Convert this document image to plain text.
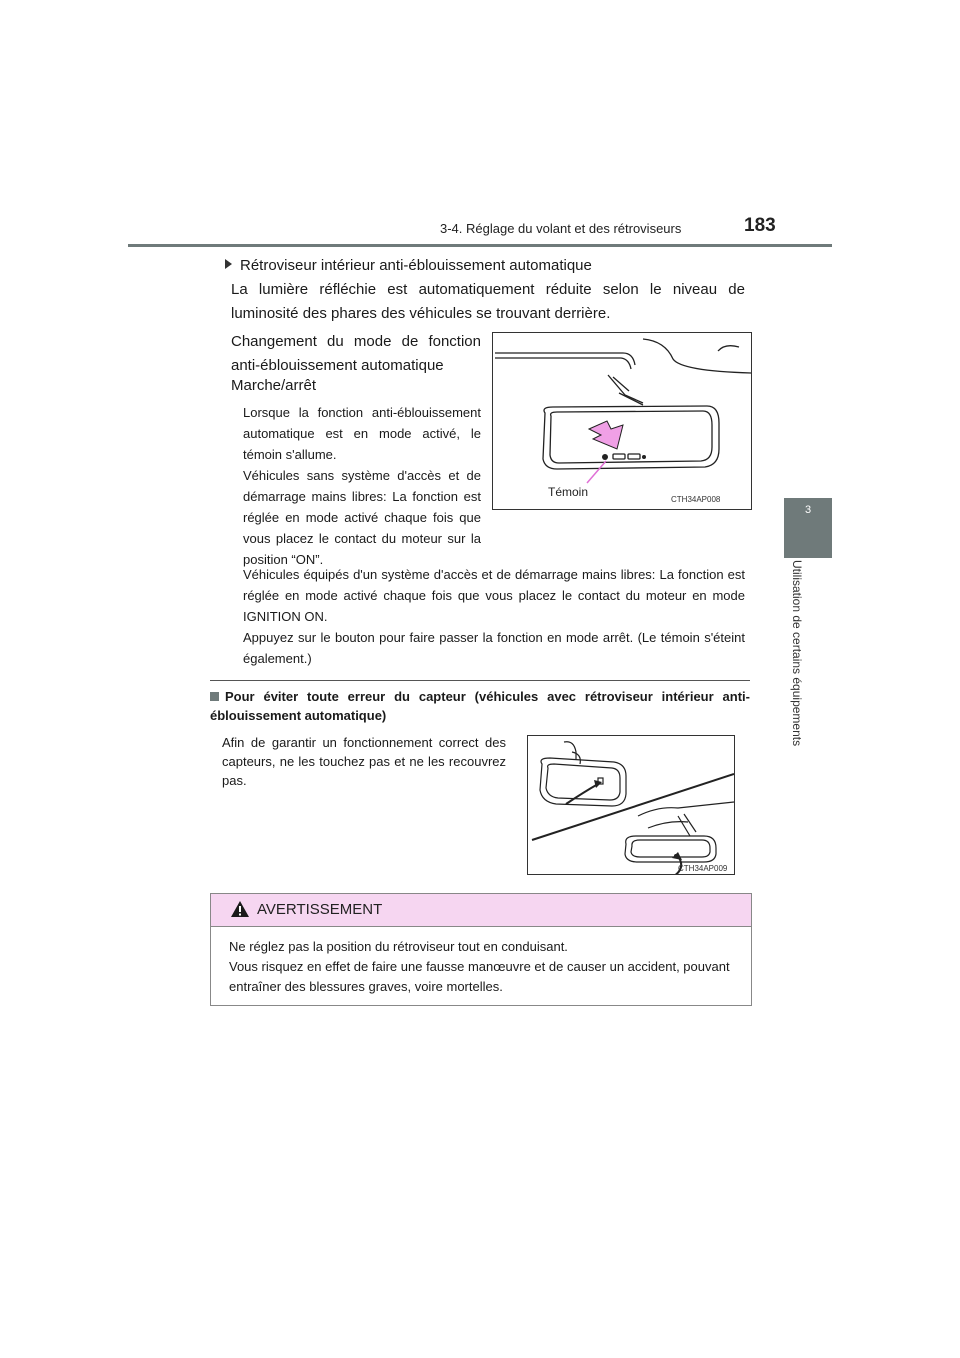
3-4. Réglage du volant et des rétroviseurs	183
3
Utilisation de certains équipements
Rétroviseur intérieur anti-éblouissement automatique
La lumière réfléchie est automatiquement réduite selon le niveau de luminosité des phares des véhicules se trouvant derrière.
Changement du mode de fonction anti-éblouissement automatique
Marche/arrêt
Lorsque la fonction anti-éblouissement automatique est en mode activé, le témoin s'allume.
Véhicules sans système d'accès et de démarrage mains libres: La fonction est réglée en mode activé chaque fois que vous placez le contact du moteur sur la position “ON”.
Véhicules équipés d'un système d'accès et de démarrage mains libres: La fonction est réglée en mode activé chaque fois que vous placez le contact du moteur en mode IGNITION ON.
Appuyez sur le bouton pour faire passer la fonction en mode arrêt. (Le témoin s'éteint également.)
Témoin
CTH34AP008
Pour éviter toute erreur du capteur (véhicules avec rétroviseur intérieur anti-éblouissement automatique)
Afin de garantir un fonctionnement correct des capteurs, ne les touchez pas et ne les recouvrez pas.
CTH34AP009
AVERTISSEMENT
Ne réglez pas la position du rétroviseur tout en conduisant.
Vous risquez en effet de faire une fausse manœuvre et de causer un accident, pouvant entraîner des blessures graves, voire mortelles.
